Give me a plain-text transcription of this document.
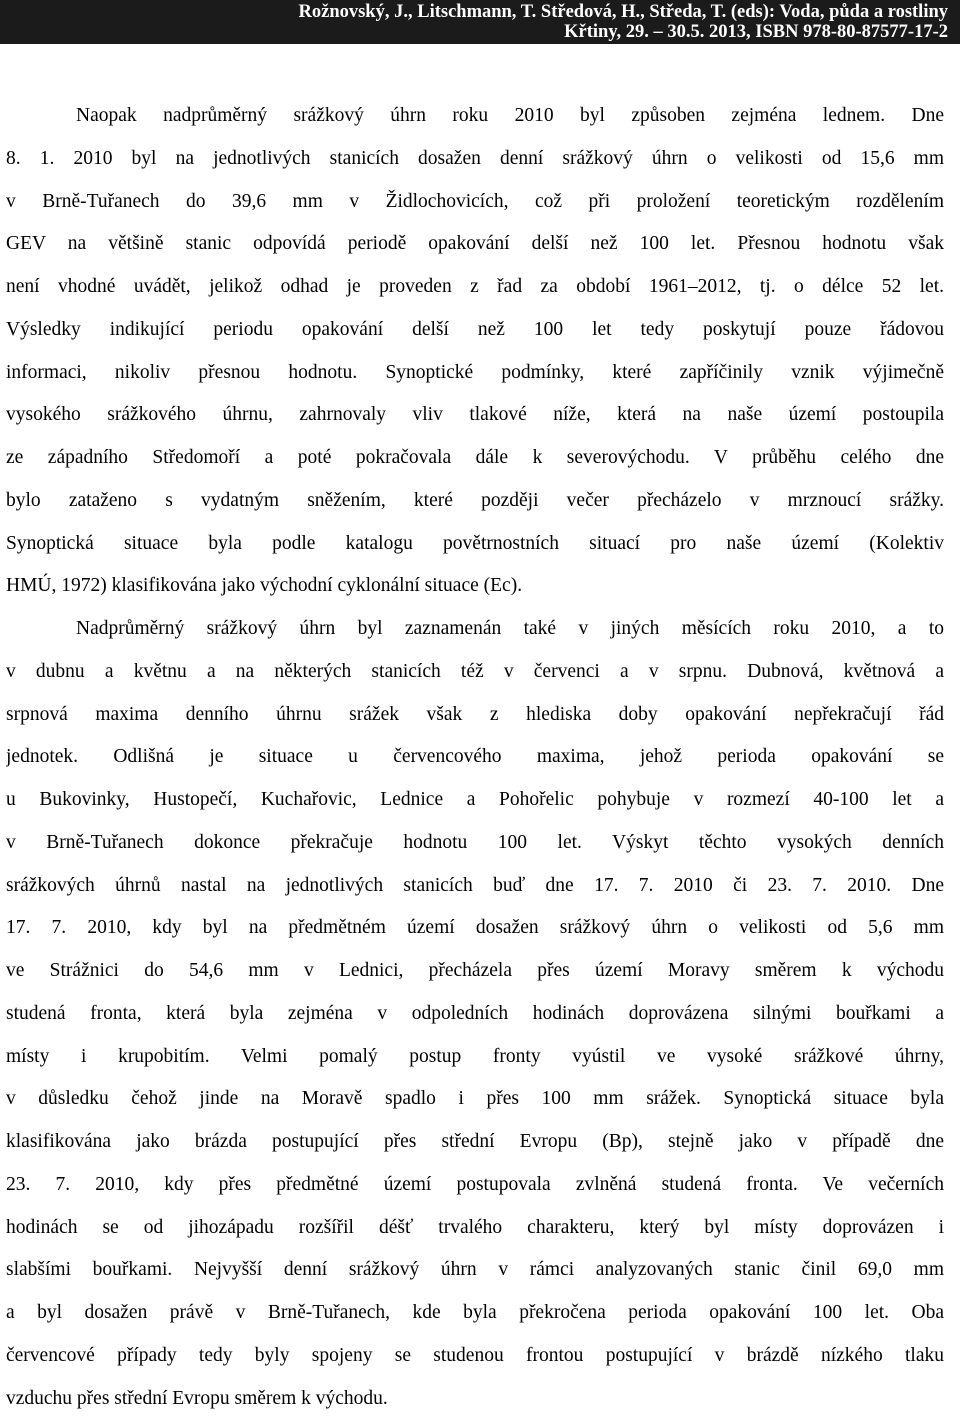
Rožnovský, J., Litschmann, T. Středová, H., Středa, T. (eds): Voda, půda a rostliny
Křtiny, 29. – 30.5. 2013, ISBN 978-80-87577-17-2
Naopak nadprůměrný srážkový úhrn roku 2010 byl způsoben zejména lednem. Dne
8. 1. 2010 byl na jednotlivých stanicích dosažen denní srážkový úhrn o velikosti od 15,6 mm
v Brně-Tuřanech do 39,6 mm v Židlochovicích, což při proložení teoretickým rozdělením
GEV na většině stanic odpovídá periodě opakování delší než 100 let. Přesnou hodnotu však
není vhodné uvádět, jelikož odhad je proveden z řad za období 1961–2012, tj. o délce 52 let.
Výsledky indikující periodu opakování delší než 100 let tedy poskytují pouze řádovou
informaci, nikoliv přesnou hodnotu. Synoptické podmínky, které zapříčinily vznik výjimečně
vysokého srážkového úhrnu, zahrnovaly vliv tlakové níže, která na naše území postoupila
ze západního Středomoří a poté pokračovala dále k severovýchodu. V průběhu celého dne
bylo zataženo s vydatným sněžením, které později večer přecházelo v mrznoucí srážky.
Synoptická situace byla podle katalogu povětrnostních situací pro naše území (Kolektiv
HMÚ, 1972) klasifikována jako východní cyklonální situace (Ec).
Nadprůměrný srážkový úhrn byl zaznamenán také v jiných měsících roku 2010, a to
v dubnu a květnu a na některých stanicích též v červenci a v srpnu. Dubnová, květnová a
srpnová maxima denního úhrnu srážek však z hlediska doby opakování nepřekračují řád
jednotek. Odlišná je situace u červencového maxima, jehož perioda opakování se
u Bukovinky, Hustopečí, Kuchařovic, Lednice a Pohořelic pohybuje v rozmezí 40-100 let a
v Brně-Tuřanech dokonce překračuje hodnotu 100 let. Výskyt těchto vysokých denních
srážkových úhrnů nastal na jednotlivých stanicích buď dne 17. 7. 2010 či 23. 7. 2010. Dne
17. 7. 2010, kdy byl na předmětném území dosažen srážkový úhrn o velikosti od 5,6 mm
ve Strážnici do 54,6 mm v Lednici, přecházela přes území Moravy směrem k východu
studená fronta, která byla zejména v odpoledních hodinách doprovázena silnými bouřkami a
místy i krupobitím. Velmi pomalý postup fronty vyústil ve vysoké srážkové úhrny,
v důsledku čehož jinde na Moravě spadlo i přes 100 mm srážek. Synoptická situace byla
klasifikována jako brázda postupující přes střední Evropu (Bp), stejně jako v případě dne
23. 7. 2010, kdy přes předmětné území postupovala zvlněná studená fronta. Ve večerních
hodinách se od jihozápadu rozšířil déšť trvalého charakteru, který byl místy doprovázen i
slabšími bouřkami. Nejvyšší denní srážkový úhrn v rámci analyzovaných stanic činil 69,0 mm
a byl dosažen právě v Brně-Tuřanech, kde byla překročena perioda opakování 100 let. Oba
červencové případy tedy byly spojeny se studenou frontou postupující v brázdě nízkého tlaku
vzduchu přes střední Evropu směrem k východu.
